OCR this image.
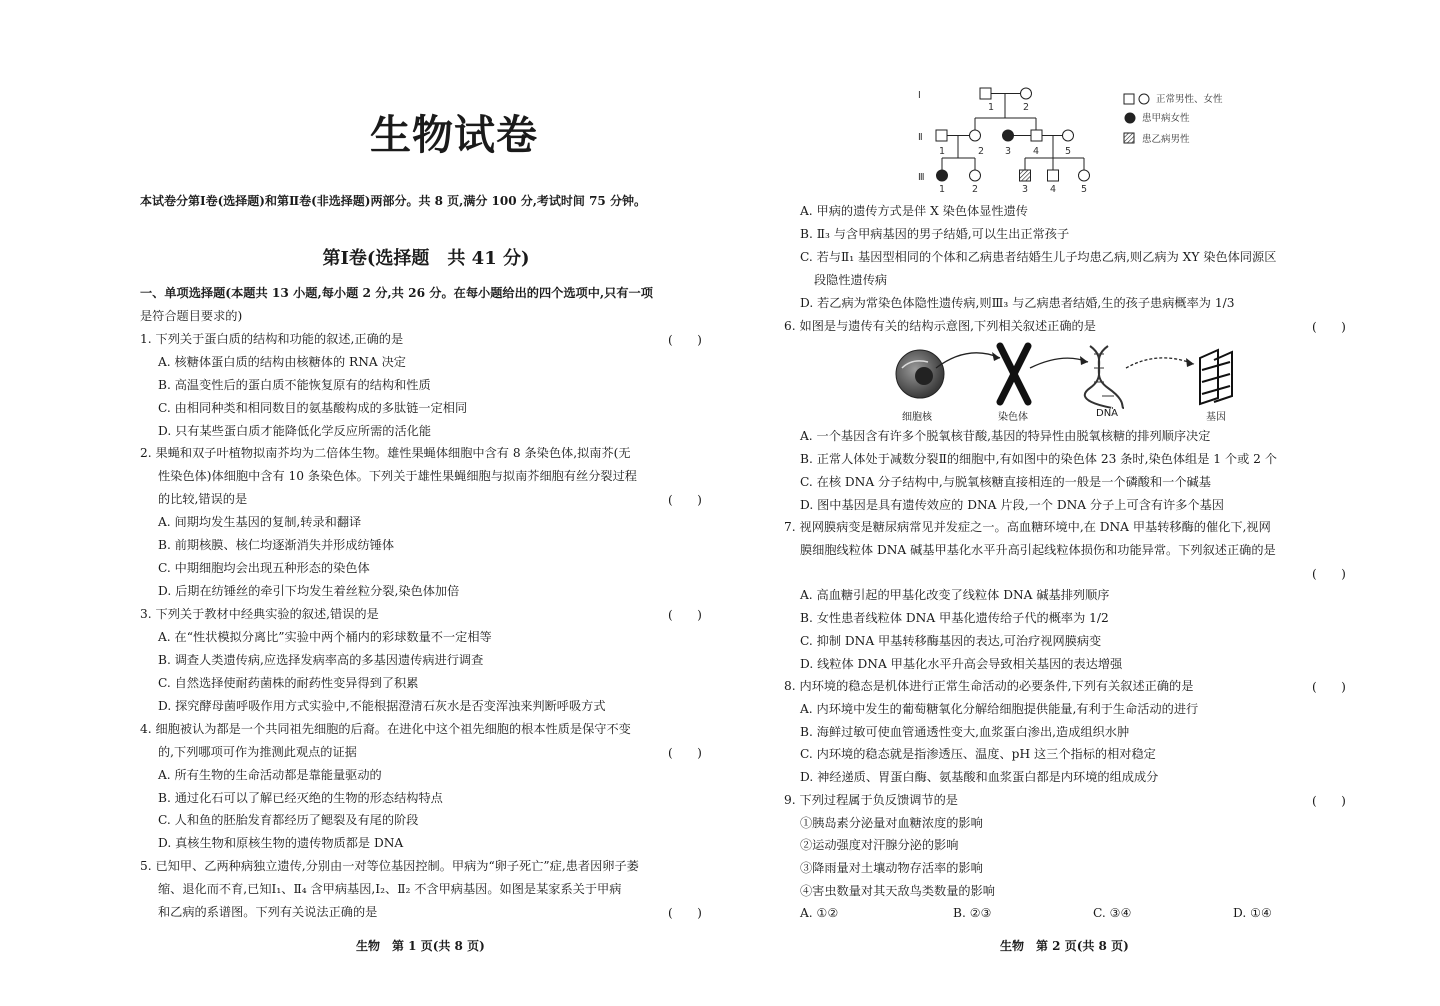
生物试卷
本试卷分第Ⅰ卷(选择题)和第Ⅱ卷(非选择题)两部分。共 8 页,满分 100 分,考试时间 75 分钟。
第Ⅰ卷(选择题　共 41 分)
一、单项选择题(本题共 13 小题,每小题 2 分,共 26 分。在每小题给出的四个选项中,只有一项
是符合题目要求的)
1. 下列关于蛋白质的结构和功能的叙述,正确的是
A. 核糖体蛋白质的结构由核糖体的 RNA 决定
B. 高温变性后的蛋白质不能恢复原有的结构和性质
C. 由相同种类和相同数目的氨基酸构成的多肽链一定相同
D. 只有某些蛋白质才能降低化学反应所需的活化能
2. 果蝇和双子叶植物拟南芥均为二倍体生物。雄性果蝇体细胞中含有 8 条染色体,拟南芥(无
性染色体)体细胞中含有 10 条染色体。下列关于雄性果蝇细胞与拟南芥细胞有丝分裂过程
的比较,错误的是
A. 间期均发生基因的复制,转录和翻译
B. 前期核膜、核仁均逐渐消失并形成纺锤体
C. 中期细胞均会出现五种形态的染色体
D. 后期在纺锤丝的牵引下均发生着丝粒分裂,染色体加倍
3. 下列关于教材中经典实验的叙述,错误的是
A. 在“性状模拟分离比”实验中两个桶内的彩球数量不一定相等
B. 调查人类遗传病,应选择发病率高的多基因遗传病进行调查
C. 自然选择使耐药菌株的耐药性变异得到了积累
D. 探究酵母菌呼吸作用方式实验中,不能根据澄清石灰水是否变浑浊来判断呼吸方式
4. 细胞被认为都是一个共同祖先细胞的后裔。在进化中这个祖先细胞的根本性质是保守不变
的,下列哪项可作为推测此观点的证据
A. 所有生物的生命活动都是靠能量驱动的
B. 通过化石可以了解已经灭绝的生物的形态结构特点
C. 人和鱼的胚胎发育都经历了鳃裂及有尾的阶段
D. 真核生物和原核生物的遗传物质都是 DNA
5. 已知甲、乙两种病独立遗传,分别由一对等位基因控制。甲病为“卵子死亡”症,患者因卵子萎
缩、退化而不育,已知Ⅰ₁、Ⅱ₄ 含甲病基因,Ⅰ₂、Ⅱ₂ 不含甲病基因。如图是某家系关于甲病
和乙病的系谱图。下列有关说法正确的是
(　　)
(　　)
(　　)
(　　)
(　　)
生物　第 1 页(共 8 页)
Ⅰ
Ⅱ
Ⅲ
1	2
1	2 3 4	5
1	2	3 4	5
正常男性、女性
患甲病女性
患乙病男性
A. 甲病的遗传方式是伴 X 染色体显性遗传
B. Ⅱ₃ 与含甲病基因的男子结婚,可以生出正常孩子
C. 若与Ⅱ₁ 基因型相同的个体和乙病患者结婚生儿子均患乙病,则乙病为 XY 染色体同源区
段隐性遗传病
D. 若乙病为常染色体隐性遗传病,则Ⅲ₃ 与乙病患者结婚,生的孩子患病概率为 1/3
6. 如图是与遗传有关的结构示意图,下列相关叙述正确的是
A. 一个基因含有许多个脱氧核苷酸,基因的特异性由脱氧核糖的排列顺序决定
B. 正常人体处于减数分裂Ⅱ的细胞中,有如图中的染色体 23 条时,染色体组是 1 个或 2 个
C. 在核 DNA 分子结构中,与脱氧核糖直接相连的一般是一个磷酸和一个碱基
D. 图中基因是具有遗传效应的 DNA 片段,一个 DNA 分子上可含有许多个基因
7. 视网膜病变是糖尿病常见并发症之一。高血糖环境中,在 DNA 甲基转移酶的催化下,视网
膜细胞线粒体 DNA 碱基甲基化水平升高引起线粒体损伤和功能异常。下列叙述正确的是
A. 高血糖引起的甲基化改变了线粒体 DNA 碱基排列顺序
B. 女性患者线粒体 DNA 甲基化遗传给子代的概率为 1/2
C. 抑制 DNA 甲基转移酶基因的表达,可治疗视网膜病变
D. 线粒体 DNA 甲基化水平升高会导致相关基因的表达增强
8. 内环境的稳态是机体进行正常生命活动的必要条件,下列有关叙述正确的是
A. 内环境中发生的葡萄糖氧化分解给细胞提供能量,有利于生命活动的进行
B. 海鲜过敏可使血管通透性变大,血浆蛋白渗出,造成组织水肿
C. 内环境的稳态就是指渗透压、温度、pH 这三个指标的相对稳定
D. 神经递质、胃蛋白酶、氨基酸和血浆蛋白都是内环境的组成成分
9. 下列过程属于负反馈调节的是
①胰岛素分泌量对血糖浓度的影响
②运动强度对汗腺分泌的影响
③降雨量对土壤动物存活率的影响
④害虫数量对其天敌鸟类数量的影响
A. ①②	B. ②③	C. ③④	D. ①④
(　　)
(　　)
(　　)
(　　)
细胞核	染色体	DNA	基因
生物　第 2 页(共 8 页)
